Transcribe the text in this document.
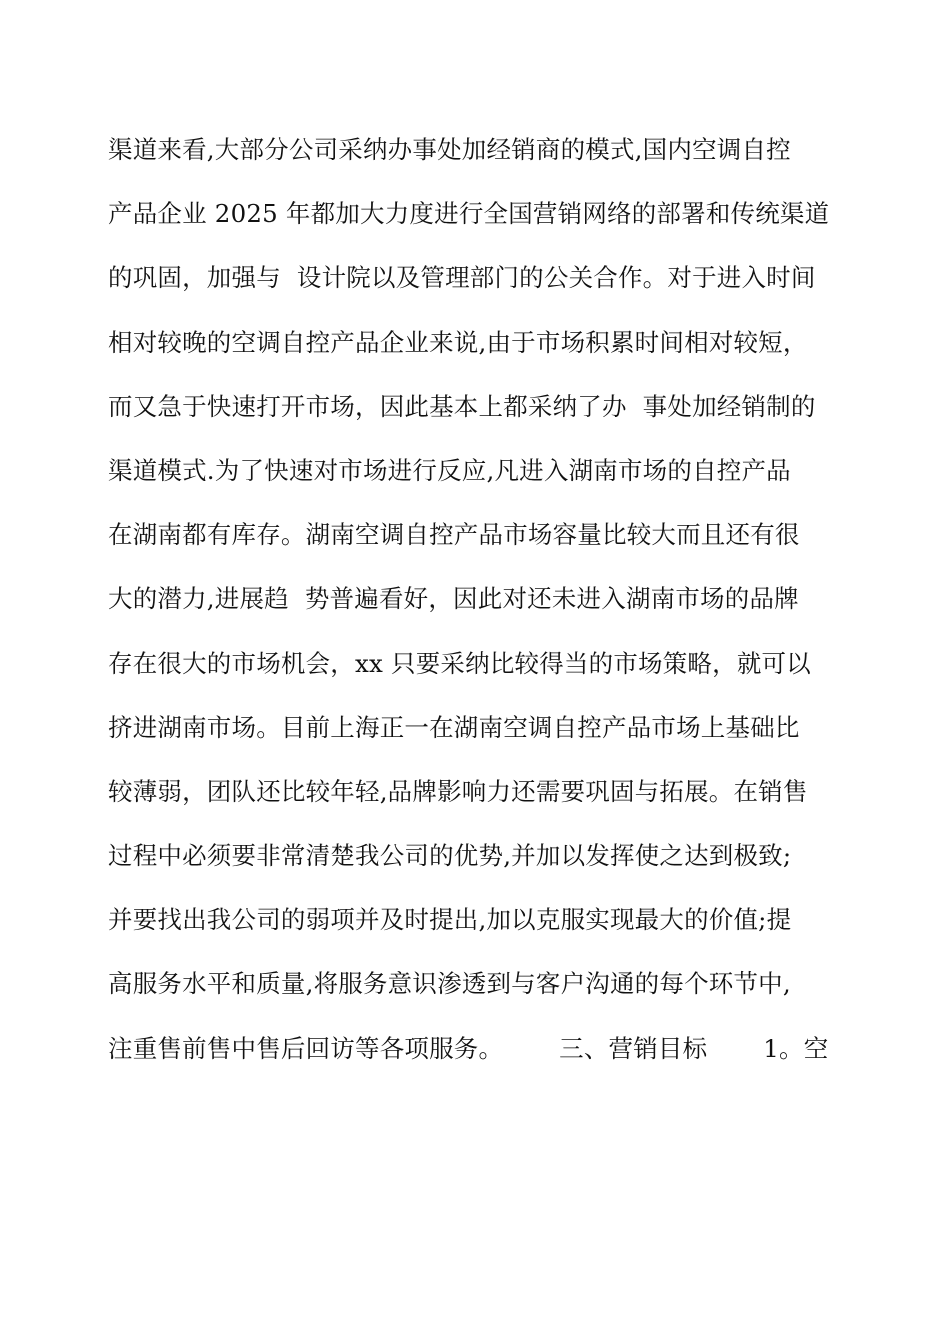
渠道来看,大部分公司采纳办事处加经销商的模式,国内空调自控
产品企业 2025 年都加大力度进行全国营销网络的部署和传统渠道
的巩固，加强与  设计院以及管理部门的公关合作。对于进入时间
相对较晚的空调自控产品企业来说,由于市场积累时间相对较短，
而又急于快速打开市场，因此基本上都采纳了办  事处加经销制的
渠道模式.为了快速对市场进行反应,凡进入湖南市场的自控产品
在湖南都有库存。湖南空调自控产品市场容量比较大而且还有很
大的潜力,进展趋  势普遍看好，因此对还未进入湖南市场的品牌
存在很大的市场机会，xx 只要采纳比较得当的市场策略，就可以
挤进湖南市场。目前上海正一在湖南空调自控产品市场上基础比
较薄弱，团队还比较年轻,品牌影响力还需要巩固与拓展。在销售
过程中必须要非常清楚我公司的优势,并加以发挥使之达到极致;
并要找出我公司的弱项并及时提出,加以克服实现最大的价值;提
高服务水平和质量,将服务意识渗透到与客户沟通的每个环节中,
注重售前售中售后回访等各项服务。       三、营销目标       1。空
